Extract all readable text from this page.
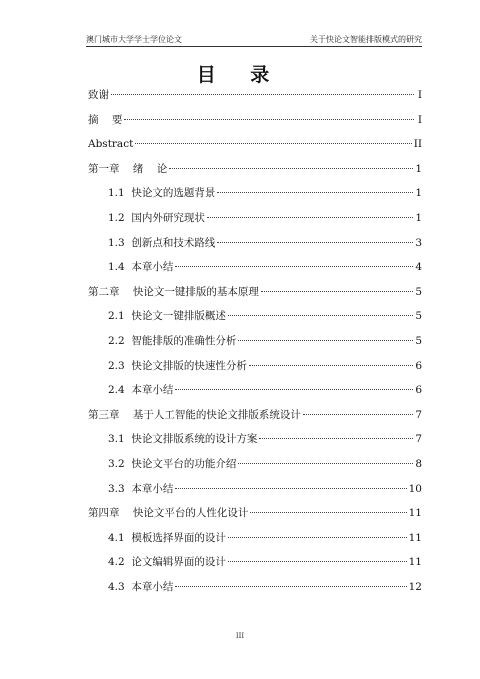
澳门城市大学学士学位论文	关于快论文智能排版模式的研究
目 录
致谢	I
摘    要	I
Abstract	II
第一章    绪    论	1
1.1  快论文的选题背景	1
1.2  国内外研究现状	1
1.3  创新点和技术路线	3
1.4  本章小结	4
第二章    快论文一键排版的基本原理	5
2.1  快论文一键排版概述	5
2.2  智能排版的准确性分析	5
2.3  快论文排版的快速性分析	6
2.4  本章小结	6
第三章    基于人工智能的快论文排版系统设计	7
3.1  快论文排版系统的设计方案	7
3.2  快论文平台的功能介绍	8
3.3  本章小结	10
第四章    快论文平台的人性化设计	11
4.1  模板选择界面的设计	11
4.2  论文编辑界面的设计	11
4.3  本章小结	12
III
